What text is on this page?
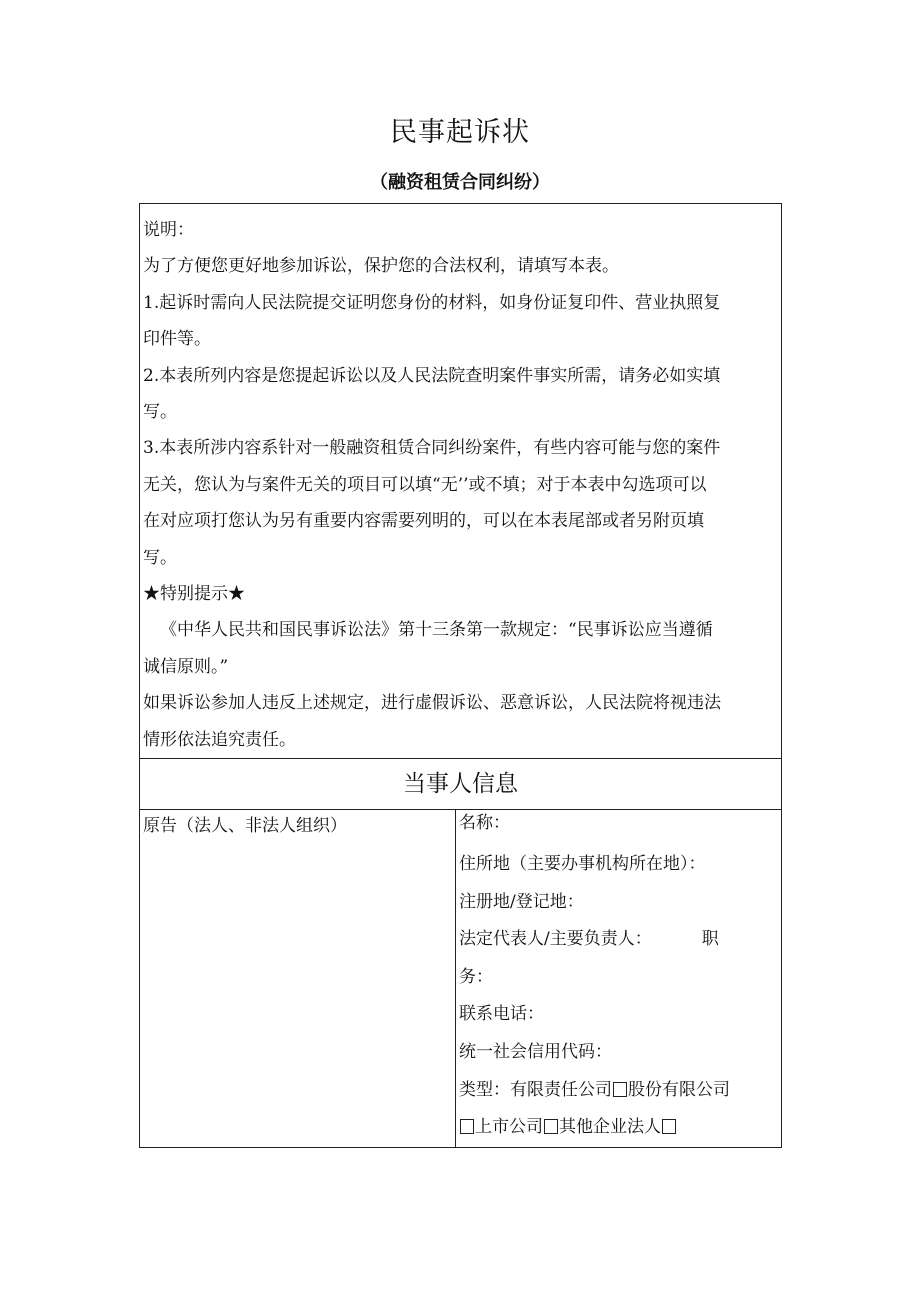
民事起诉状
（融资租赁合同纠纷）

说明：

为了方便您更好地参加诉讼，保护您的合法权利，请填写本表。

1.起诉时需向人民法院提交证明您身份的材料，如身份证复印件、营业执照复

印件等。

2.本表所列内容是您提起诉讼以及人民法院查明案件事实所需，请务必如实填

写。

3.本表所涉内容系针对一般融资租赁合同纠纷案件，有些内容可能与您的案件

无关，您认为与案件无关的项目可以填“无’’或不填；对于本表中勾选项可以

在对应项打您认为另有重要内容需要列明的，可以在本表尾部或者另附页填

写。

★特别提示★

《中华人民共和国民事诉讼法》第十三条第一款规定：“民事诉讼应当遵循

诚信原则。”

如果诉讼参加人违反上述规定，进行虚假诉讼、恶意诉讼，人民法院将视违法

情形依法追究责任。

当事人信息
原告（法人、非法人组织）	名称：

住所地（主要办事机构所在地）：

注册地/登记地：

法定代表人/主要负责人：	职

务：

联系电话：

统一社会信用代码：

类型：有限责任公司 股份有限公司

上市公司 其他企业法人
